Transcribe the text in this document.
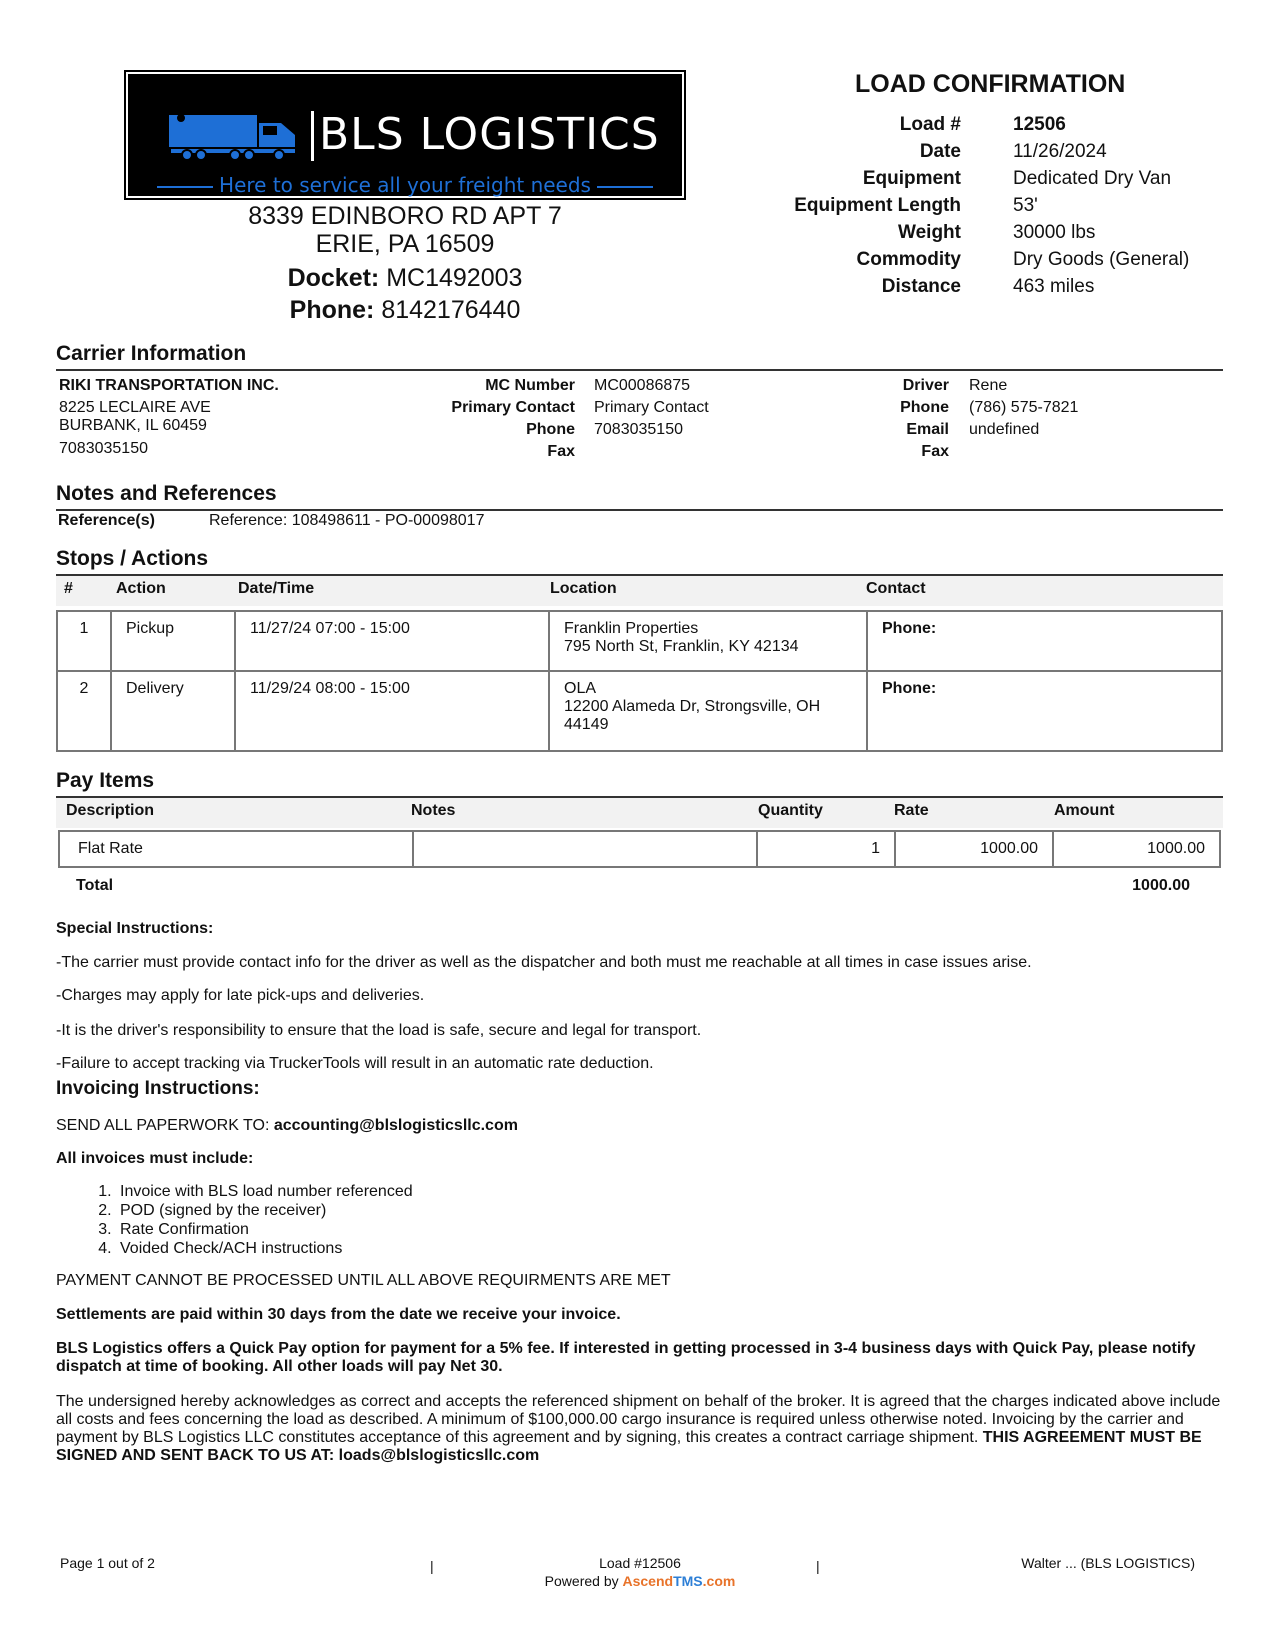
BLS LOGISTICS
Here to service all your freight needs
8339 EDINBORO RD APT 7
ERIE, PA 16509
Docket: MC1492003
Phone: 8142176440
LOAD CONFIRMATION
Load #	12506
Date	11/26/2024
Equipment	Dedicated Dry Van
Equipment Length	53'
Weight	30000 lbs
Commodity	Dry Goods (General)
Distance	463 miles
Carrier Information
RIKI TRANSPORTATION INC.
8225 LECLAIRE AVE
BURBANK, IL 60459
7083035150
MC Number MC00086875
Primary Contact Primary Contact
Phone 7083035150
Fax
Driver Rene
Phone (786) 575-7821
Email undefined
Fax
Notes and References
Reference(s)	Reference: 108498611 - PO-00098017
Stops / Actions
#	Action	Date/Time	Location	Contact
1	Pickup	11/27/24 07:00 - 15:00	Franklin Properties
795 North St, Franklin, KY 42134	Phone:
2	Delivery	11/29/24 08:00 - 15:00	OLA
12200 Alameda Dr, Strongsville, OH
44149	Phone:
Pay Items
Description	Notes	Quantity	Rate	Amount
Flat Rate		1	1000.00	1000.00
Total	1000.00
Special Instructions:
-The carrier must provide contact info for the driver as well as the dispatcher and both must me reachable at all times in case issues arise.
-Charges may apply for late pick-ups and deliveries.
-It is the driver's responsibility to ensure that the load is safe, secure and legal for transport.
-Failure to accept tracking via TruckerTools will result in an automatic rate deduction.
Invoicing Instructions:
SEND ALL PAPERWORK TO: accounting@blslogisticsllc.com
All invoices must include:
1. Invoice with BLS load number referenced
2. POD (signed by the receiver)
3. Rate Confirmation
4. Voided Check/ACH instructions
PAYMENT CANNOT BE PROCESSED UNTIL ALL ABOVE REQUIRMENTS ARE MET
Settlements are paid within 30 days from the date we receive your invoice.
BLS Logistics offers a Quick Pay option for payment for a 5% fee. If interested in getting processed in 3-4 business days with Quick Pay, please notify dispatch at time of booking. All other loads will pay Net 30.
The undersigned hereby acknowledges as correct and accepts the referenced shipment on behalf of the broker. It is agreed that the charges indicated above include all costs and fees concerning the load as described. A minimum of $100,000.00 cargo insurance is required unless otherwise noted. Invoicing by the carrier and payment by BLS Logistics LLC constitutes acceptance of this agreement and by signing, this creates a contract carriage shipment. THIS AGREEMENT MUST BE SIGNED AND SENT BACK TO US AT: loads@blslogisticsllc.com
Page 1 out of 2	|	Load #12506
Powered by AscendTMS.com
|	Walter ... (BLS LOGISTICS)
